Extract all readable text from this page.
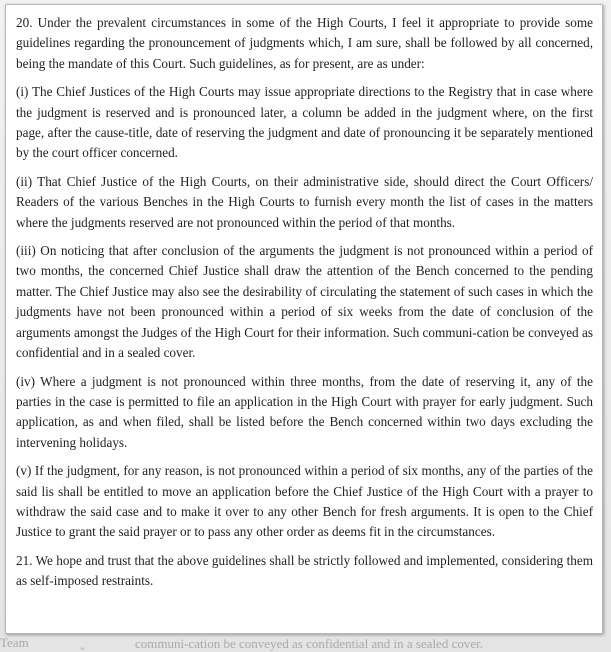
Team	⌄	communi-cation be conveyed as confidential and in a sealed cover.

20. Under the prevalent circumstances in some of the High Courts, I feel it appropriate to provide some guidelines regarding the pronouncement of judgments which, I am sure, shall be followed by all concerned, being the mandate of this Court. Such guidelines, as for present, are as under:

(i) The Chief Justices of the High Courts may issue appropriate directions to the Registry that in case where the judgment is reserved and is pronounced later, a column be added in the judgment where, on the first page, after the cause-title, date of reserving the judgment and date of pronouncing it be separately mentioned by the court officer concerned.

(ii) That Chief Justice of the High Courts, on their administrative side, should direct the Court Officers/ Readers of the various Benches in the High Courts to furnish every month the list of cases in the matters where the judgments reserved are not pronounced within the period of that months.

(iii) On noticing that after conclusion of the arguments the judgment is not pronounced within a period of two months, the concerned Chief Justice shall draw the attention of the Bench concerned to the pending matter. The Chief Justice may also see the desirability of circulating the statement of such cases in which the judgments have not been pronounced within a period of six weeks from the date of conclusion of the arguments amongst the Judges of the High Court for their information. Such communi-cation be conveyed as confidential and in a sealed cover.

(iv) Where a judgment is not pronounced within three months, from the date of reserving it, any of the parties in the case is permitted to file an application in the High Court with prayer for early judgment. Such application, as and when filed, shall be listed before the Bench concerned within two days excluding the intervening holidays.

(v) If the judgment, for any reason, is not pronounced within a period of six months, any of the parties of the said lis shall be entitled to move an application before the Chief Justice of the High Court with a prayer to withdraw the said case and to make it over to any other Bench for fresh arguments. It is open to the Chief Justice to grant the said prayer or to pass any other order as deems fit in the circumstances.

21. We hope and trust that the above guidelines shall be strictly followed and implemented, considering them as self-imposed restraints.
